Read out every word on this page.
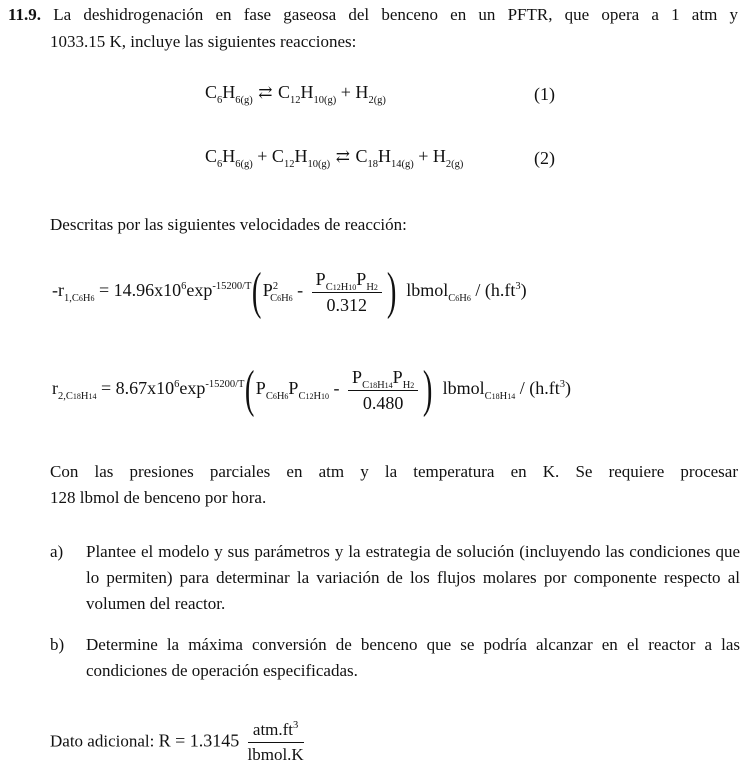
11.9. La deshidrogenación en fase gaseosa del benceno en un PFTR, que opera a 1 atm y
1033.15 K, incluye las siguientes reacciones:
$C_6H_{6(g)}$ ⇄ $C_{12}H_{10(g)} + H_{2(g)}$	(1)
$C_6H_{6(g)} + C_{12}H_{10(g)}$ ⇄ $C_{18}H_{14(g)} + H_{2(g)}$	(2)
Descritas por las siguientes velocidades de reacción:
$-r_{1,C6H6} = 14.96x10^6\exp^{-15200/T}(P^2_{C6H6} - \frac{P_{C12H10}P_{H2}}{0.312}$ )  lbmol$_{C6H6}$ / $(h.ft^3)$
$r_{2,C18H14} = 8.67x10^6\exp^{-15200/T}(P_{C6H6}P_{C12H10} - \frac{P_{C18H14}P_{H2}}{0.480}$ )  lbmol$_{C18H14}$ / $(h.ft^3)$
Con las presiones parciales en atm y la temperatura en K. Se requiere procesar
128 lbmol de benceno por hora.
a) Plantee el modelo y sus parámetros y la estrategia de solución (incluyendo las condiciones que lo permiten) para determinar la variación de los flujos molares por componente respecto al volumen del reactor.
b) Determine la máxima conversión de benceno que se podría alcanzar en el reactor a las condiciones de operación especificadas.
Dato adicional: $R = 1.3145 \frac{atm.ft^3}{\text{lbmol.K}}$
